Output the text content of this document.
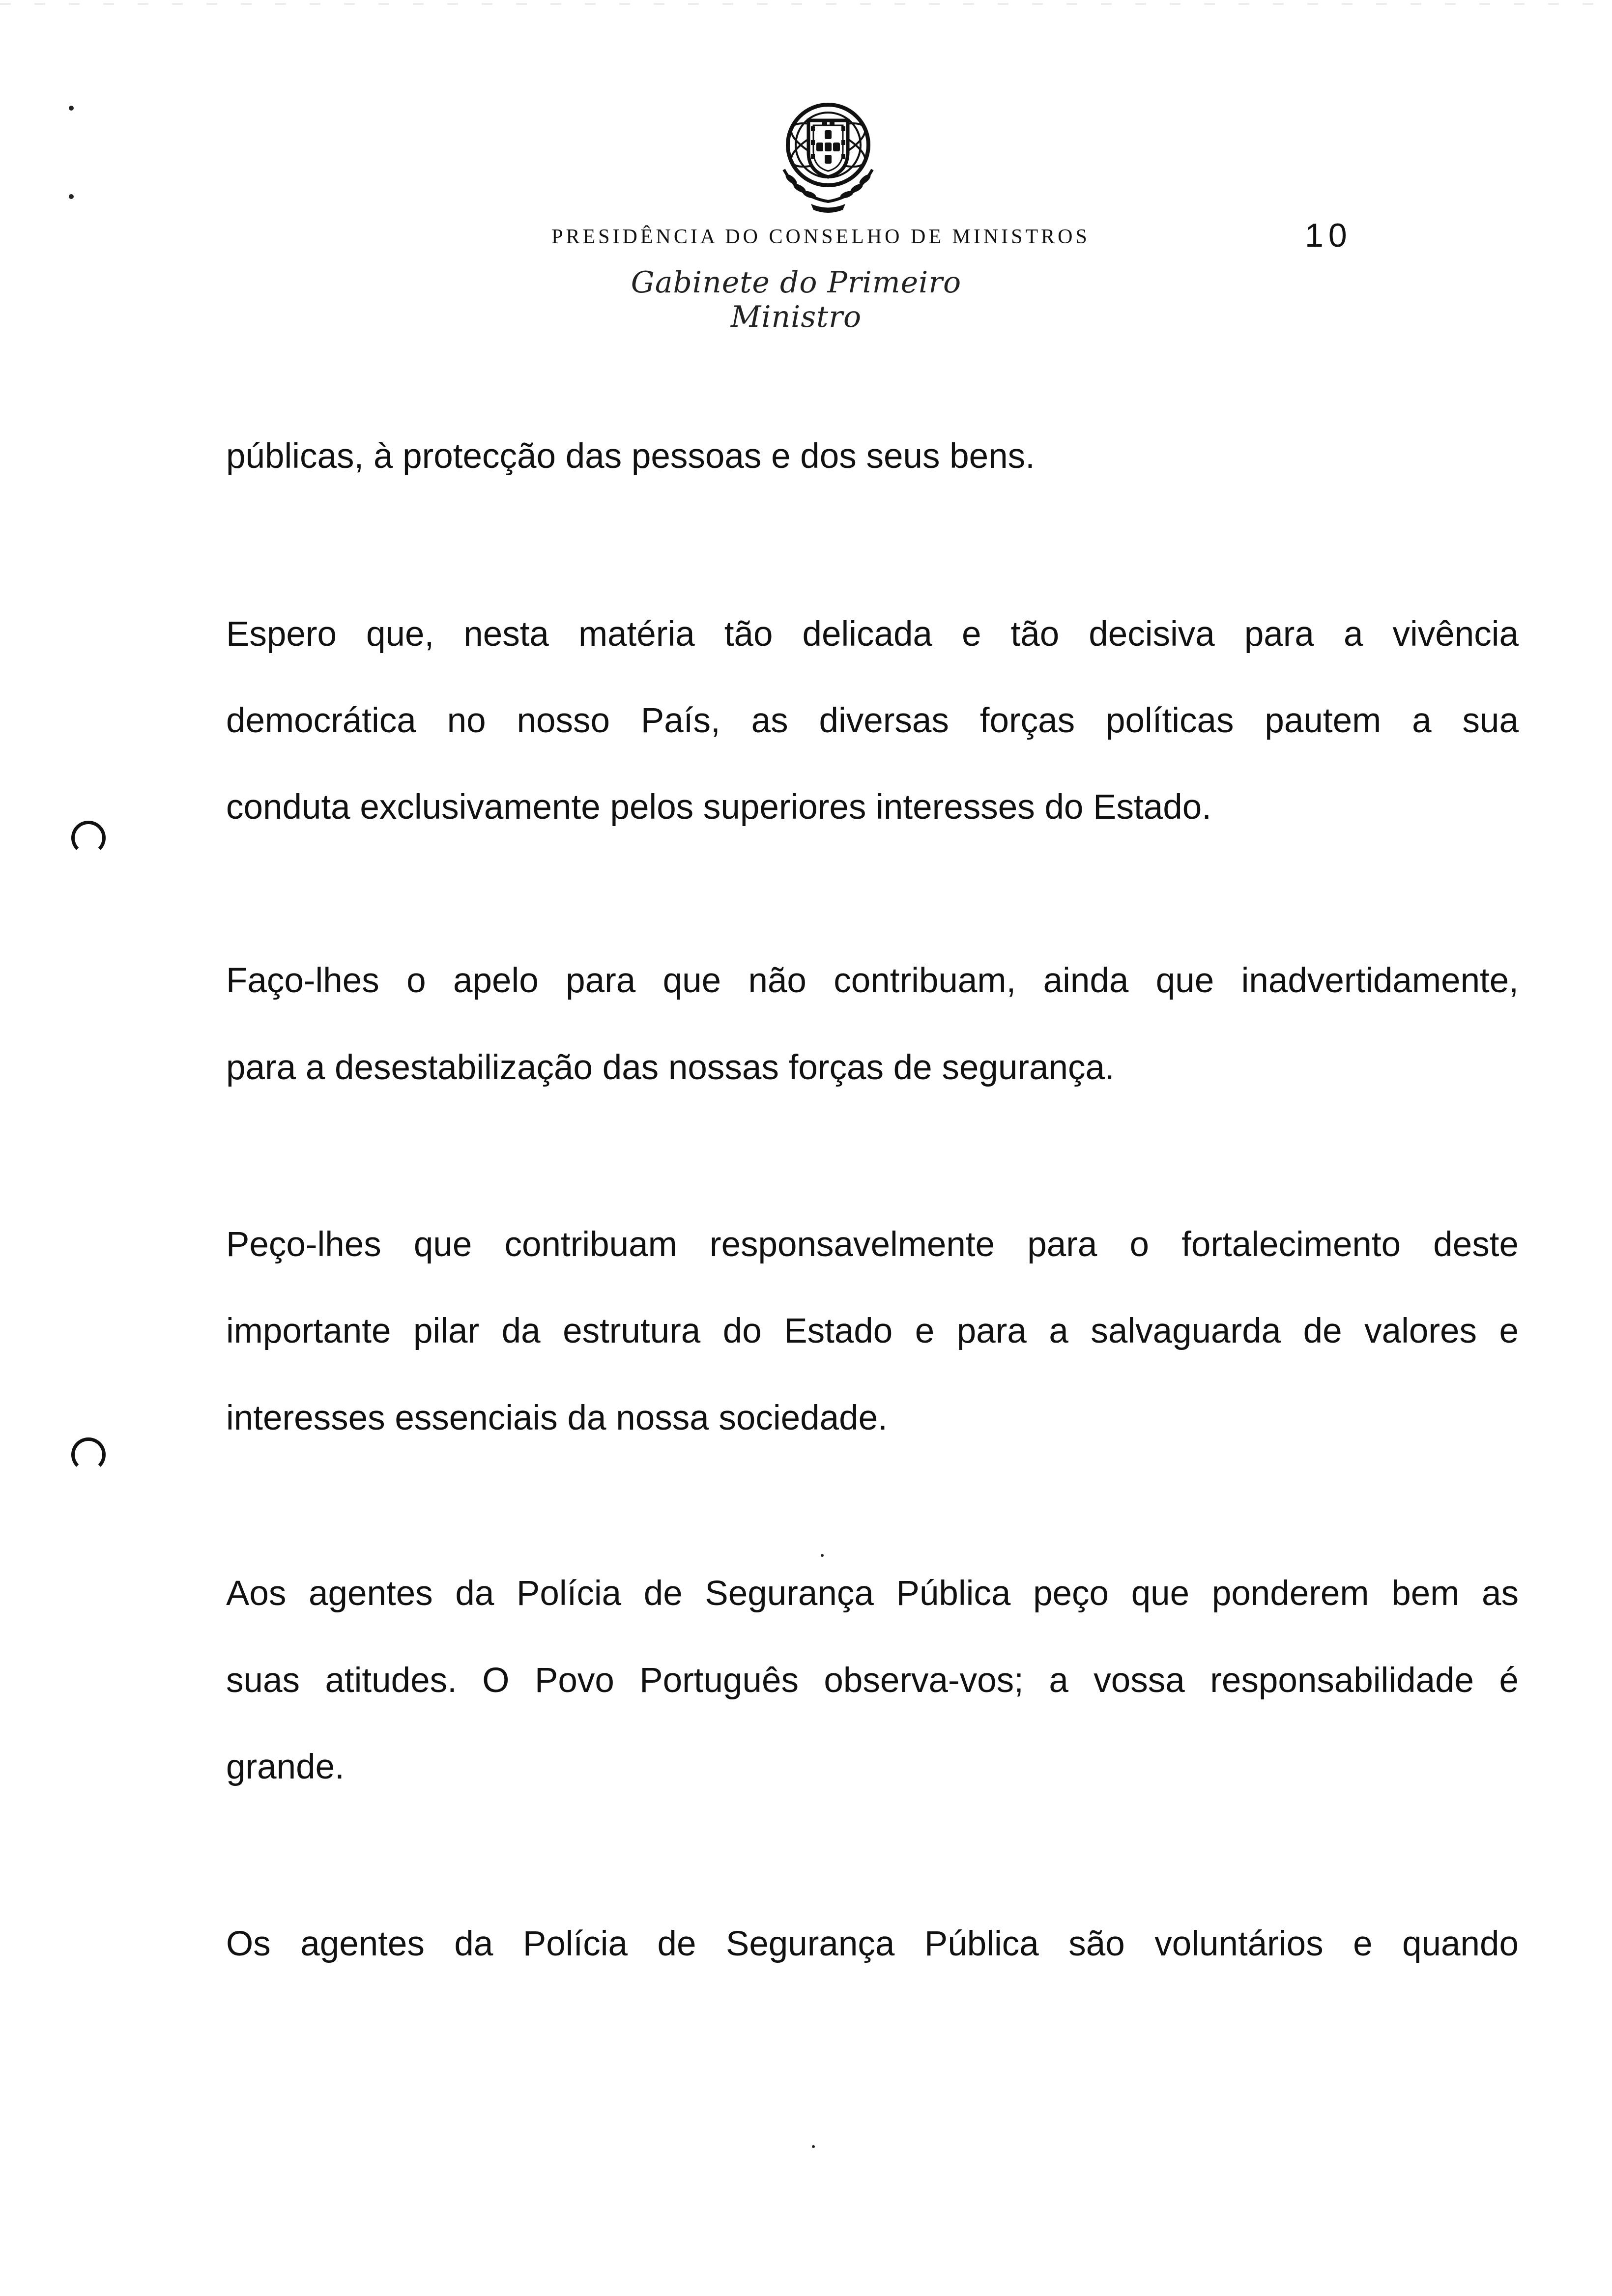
PRESIDÊNCIA DO CONSELHO DE MINISTROS	10
Gabinete do Primeiro Ministro
públicas, à protecção das pessoas e dos seus bens.
Espero que, nesta matéria tão delicada e tão decisiva para a vivência
democrática no nosso País, as diversas forças políticas pautem a sua
conduta exclusivamente pelos superiores interesses do Estado.
Faço-lhes o apelo para que não contribuam, ainda que inadvertidamente,
para a desestabilização das nossas forças de segurança.
Peço-lhes que contribuam responsavelmente para o fortalecimento deste
importante pilar da estrutura do Estado e para a salvaguarda de valores e
interesses essenciais da nossa sociedade.
Aos agentes da Polícia de Segurança Pública peço que ponderem bem as
suas atitudes. O Povo Português observa-vos; a vossa responsabilidade é
grande.
Os agentes da Polícia de Segurança Pública são voluntários e quando
